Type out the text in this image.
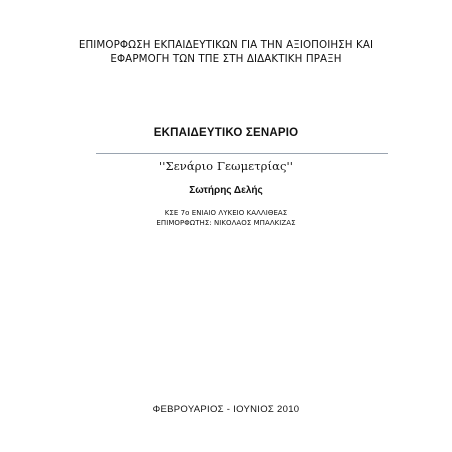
ΕΠΙΜΟΡΦΩΣΗ ΕΚΠΑΙΔΕΥΤΙΚΩΝ ΓΙΑ ΤΗΝ ΑΞΙΟΠΟΙΗΣΗ ΚΑΙ
ΕΦΑΡΜΟΓΗ ΤΩΝ ΤΠΕ ΣΤΗ ΔΙΔΑΚΤΙΚΗ ΠΡΑΞΗ
ΕΚΠΑΙΔΕΥΤΙΚΟ ΣΕΝΑΡΙΟ
''Σενάριο Γεωμετρίας''
Σωτήρης Δελής
ΚΣΕ 7ο ΕΝΙΑΙΟ ΛΥΚΕΙΟ ΚΑΛΛΙΘΕΑΣ
ΕΠΙΜΟΡΦΩΤΗΣ: ΝΙΚΟΛΑΟΣ ΜΠΑΛΚΙΖΑΣ
ΦΕΒΡΟΥΑΡΙΟΣ - ΙΟΥΝΙΟΣ 2010
